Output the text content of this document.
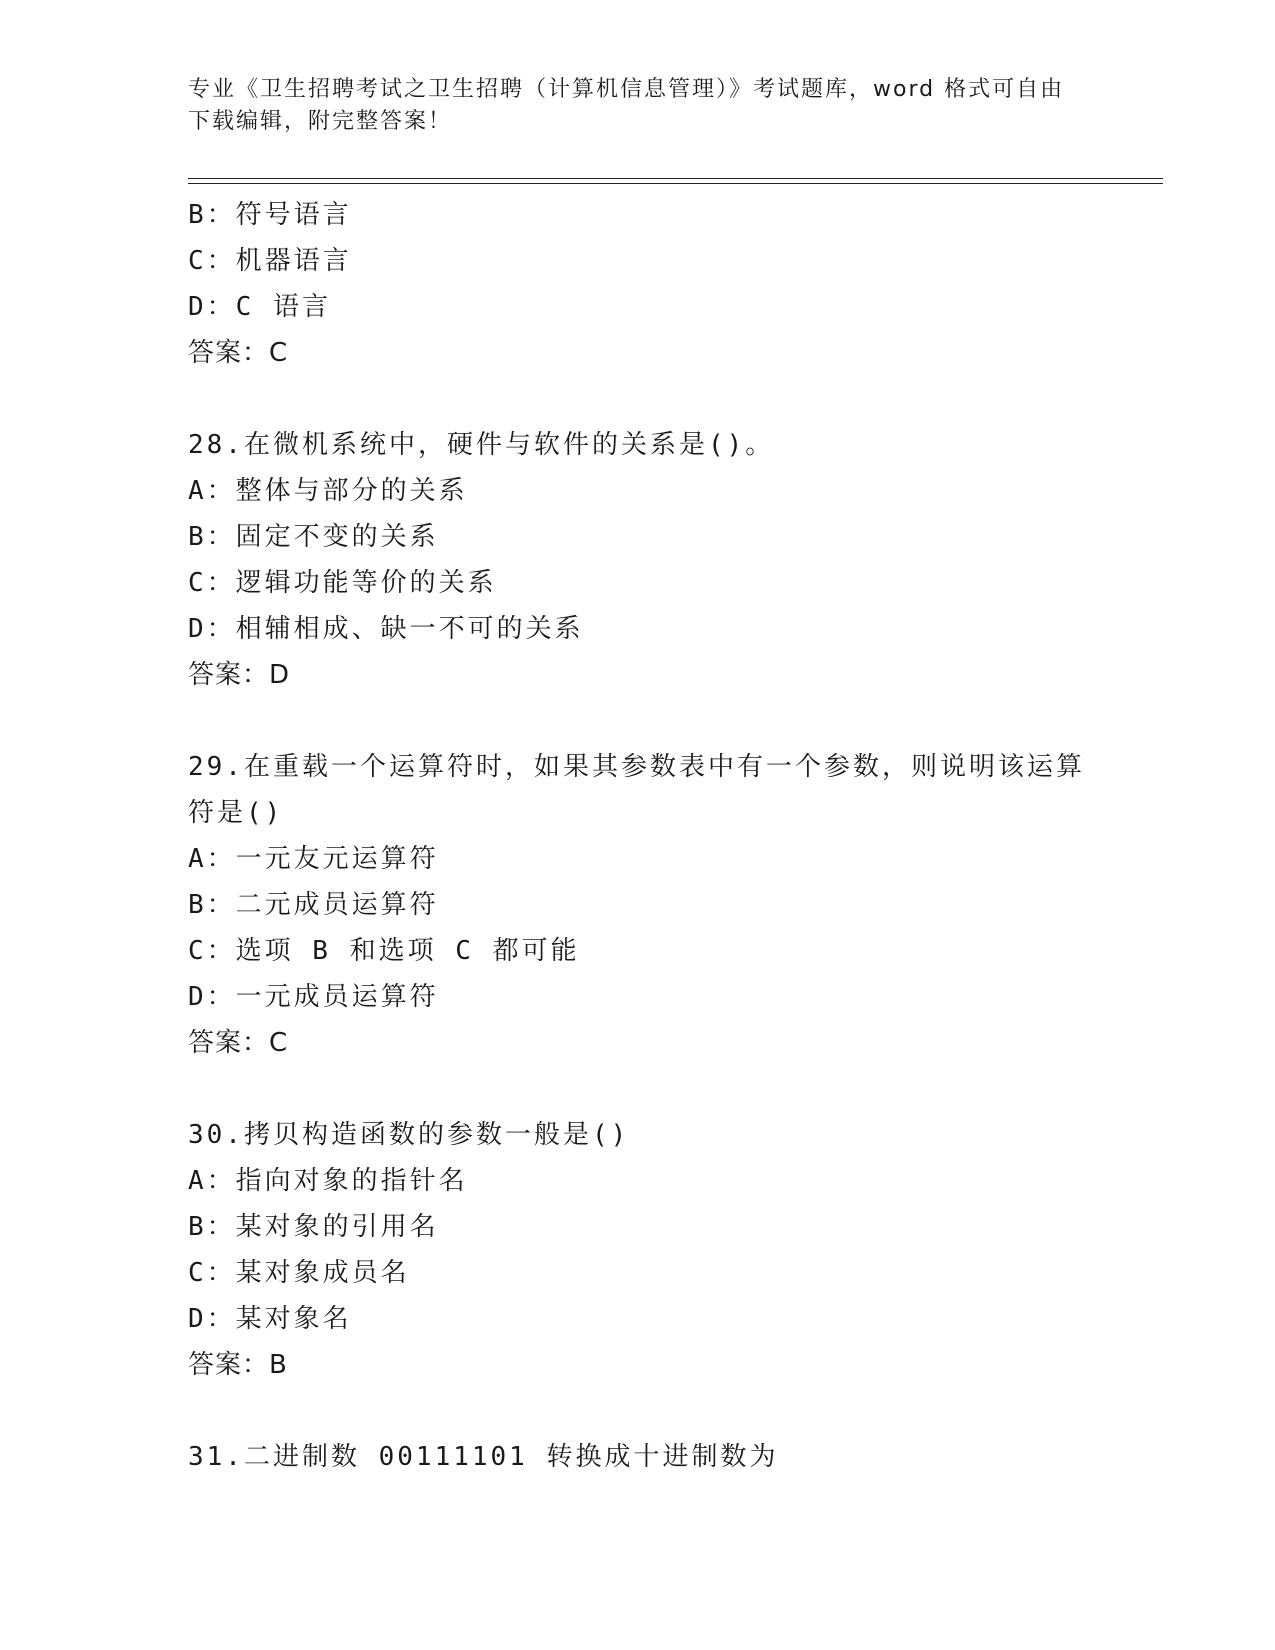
专业《卫生招聘考试之卫生招聘（计算机信息管理）》考试题库，word 格式可自由下载编辑，附完整答案！
B：符号语言
C：机器语言
D：C 语言
答案：C
28.在微机系统中，硬件与软件的关系是()。
A：整体与部分的关系
B：固定不变的关系
C：逻辑功能等价的关系
D：相辅相成、缺一不可的关系
答案：D
29.在重载一个运算符时，如果其参数表中有一个参数，则说明该运算
符是()
A：一元友元运算符
B：二元成员运算符
C：选项 B 和选项 C 都可能
D：一元成员运算符
答案：C
30.拷贝构造函数的参数一般是()
A：指向对象的指针名
B：某对象的引用名
C：某对象成员名
D：某对象名
答案：B
31.二进制数 00111101 转换成十进制数为
